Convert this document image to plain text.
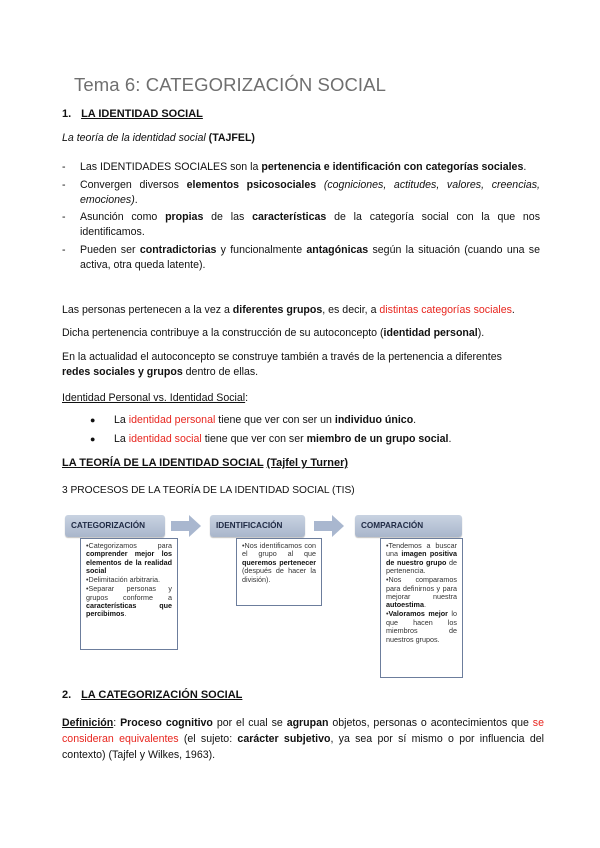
Tema 6: CATEGORIZACIÓN SOCIAL
1. LA IDENTIDAD SOCIAL
La teoría de la identidad social (TAJFEL)
- Las IDENTIDADES SOCIALES son la pertenencia e identificación con categorías sociales.
- Convergen diversos elementos psicosociales (cogniciones, actitudes, valores, creencias, emociones).
- Asunción como propias de las características de la categoría social con la que nos identificamos.
- Pueden ser contradictorias y funcionalmente antagónicas según la situación (cuando una se activa, otra queda latente).
Las personas pertenecen a la vez a diferentes grupos, es decir, a distintas categorías sociales.
Dicha pertenencia contribuye a la construcción de su autoconcepto (identidad personal).
En la actualidad el autoconcepto se construye también a través de la pertenencia a diferentes redes sociales y grupos dentro de ellas.
Identidad Personal vs. Identidad Social:
● La identidad personal tiene que ver con ser un individuo único.
● La identidad social tiene que ver con ser miembro de un grupo social.
LA TEORÍA DE LA IDENTIDAD SOCIAL (Tajfel y Turner)
3 PROCESOS DE LA TEORÍA DE LA IDENTIDAD SOCIAL (TIS)
CATEGORIZACIÓN

•Categorizamos para comprender mejor los elementos de la realidad social

•Delimitación arbitraria.

•Separar personas y grupos conforme a características que percibimos.

IDENTIFICACIÓN

•Nos identificamos con el grupo al que queremos pertenecer (después de hacer la división).

COMPARACIÓN

•Tendemos a buscar una imagen positiva de nuestro grupo de pertenencia.

•Nos comparamos para definirnos y para mejorar nuestra autoestima.

•Valoramos mejor lo que hacen los miembros de nuestros grupos.

2. LA CATEGORIZACIÓN SOCIAL
Definición: Proceso cognitivo por el cual se agrupan objetos, personas o acontecimientos que se consideran equivalentes (el sujeto: carácter subjetivo, ya sea por sí mismo o por influencia del contexto) (Tajfel y Wilkes, 1963).
